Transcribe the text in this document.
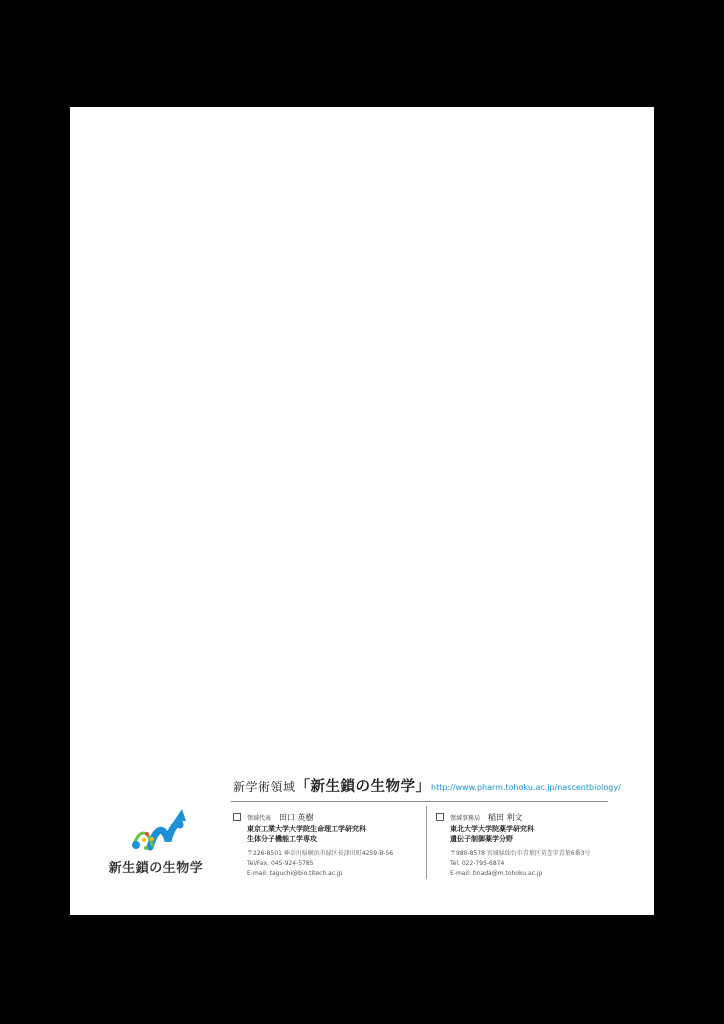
新学術領域「新生鎖の生物学」 http://www.pharm.tohoku.ac.jp/nascentbiology/
新生鎖の生物学
領域代表 田口 英樹
東京工業大学大学院生命理工学研究科
生体分子機能工学専攻
〒226-8501 神奈川県横浜市緑区長津田町4259-B-56
Tel/Fax. 045-924-5785
E-mail: taguchi@bio.titech.ac.jp
領域事務局 稲田 利文
東北大学大学院薬学研究科
遺伝子制御薬学分野
〒980-8578 宮城県仙台市青葉区荒巻字青葉6番3号
Tel. 022-795-6874
E-mail: tinada@m.tohoku.ac.jp
